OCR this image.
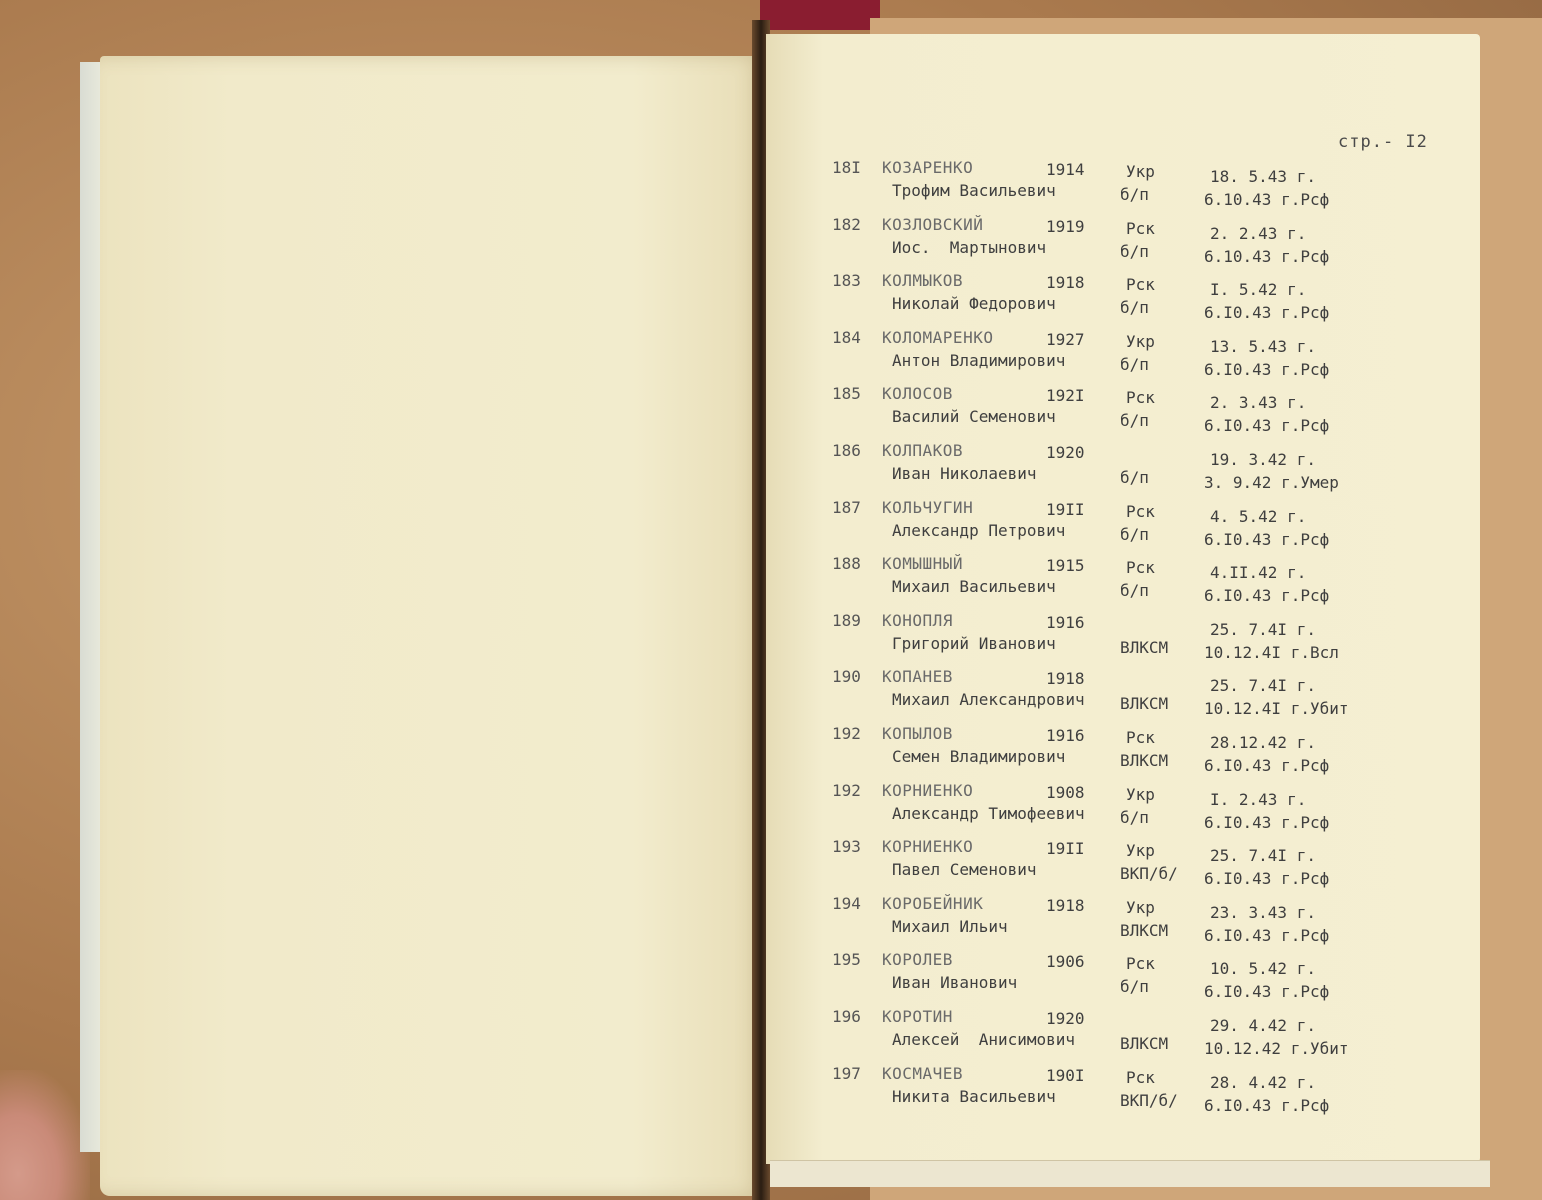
стр.- I2
18I КОЗАРЕНКО	1914	Укр
Трофим Васильевич	б/п
18. 5.43 г.
6.10.43 г.Рсф
182 КОЗЛОВСКИЙ	1919	Рск
Иос.  Мартынович	б/п
2. 2.43 г.
6.10.43 г.Рсф
183 КОЛМЫКОВ	1918	Рск
Николай Федорович	б/п
I. 5.42 г.
6.I0.43 г.Рсф
184 КОЛОМАРЕНКО	1927	Укр
Антон Владимирович	б/п
13. 5.43 г.
6.I0.43 г.Рсф
185 КОЛОСОВ	192I	Рск
Василий Семенович	б/п
2. 3.43 г.
6.I0.43 г.Рсф
186 КОЛПАКОВ	1920
Иван Николаевич	б/п
19. 3.42 г.
3. 9.42 г.Умер
187 КОЛЬЧУГИН	19II	Рск
Александр Петрович	б/п
4. 5.42 г.
6.I0.43 г.Рсф
188 КОМЫШНЫЙ	1915	Рск
Михаил Васильевич	б/п
4.II.42 г.
6.I0.43 г.Рсф
189 КОНОПЛЯ	1916
Григорий Иванович	ВЛКСМ
25. 7.4I г.
10.12.4I г.Всл
190 КОПАНЕВ	1918
Михаил Александрович ВЛКСМ
25. 7.4I г.
10.12.4I г.Убит
192 КОПЫЛОВ	1916	Рск
Семен Владимирович	ВЛКСМ
28.12.42 г.
6.I0.43 г.Рсф
192 КОРНИЕНКО	1908	Укр
Александр Тимофеевич б/п
I. 2.43 г.
6.I0.43 г.Рсф
193 КОРНИЕНКО	19II	Укр
Павел Семенович	ВКП/б/
25. 7.4I г.
6.I0.43 г.Рсф
194 КОРОБЕЙНИК	1918	Укр
Михаил Ильич	ВЛКСМ
23. 3.43 г.
6.I0.43 г.Рсф
195 КОРОЛЕВ	1906	Рск
Иван Иванович	б/п
10. 5.42 г.
6.I0.43 г.Рсф
196 КОРОТИН	1920
Алексей  Анисимович	ВЛКСМ
29. 4.42 г.
10.12.42 г.Убит
197 КОСМАЧЕВ	190I	Рск
Никита Васильевич	ВКП/б/
28. 4.42 г.
6.I0.43 г.Рсф
